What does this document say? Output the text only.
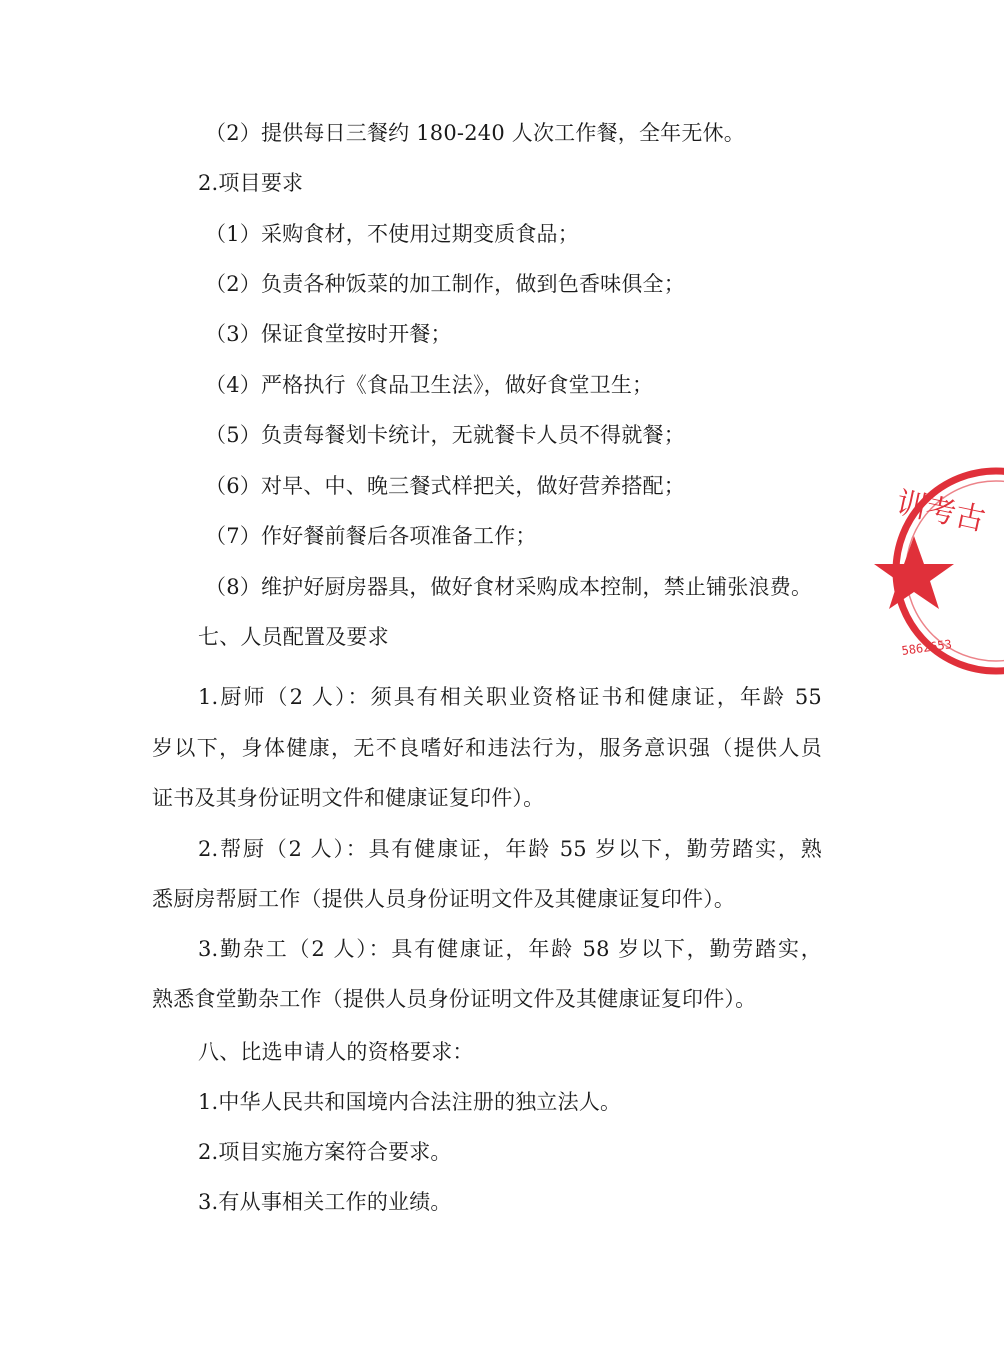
（2）提供每日三餐约 180-240 人次工作餐，全年无休。
2.项目要求
（1）采购食材，不使用过期变质食品；
（2）负责各种饭菜的加工制作，做到色香味俱全；
（3）保证食堂按时开餐；
（4）严格执行《食品卫生法》，做好食堂卫生；
（5）负责每餐划卡统计，无就餐卡人员不得就餐；
（6）对早、中、晚三餐式样把关，做好营养搭配；
（7）作好餐前餐后各项准备工作；
（8）维护好厨房器具，做好食材采购成本控制，禁止铺张浪费。
七、人员配置及要求
1.厨师（2 人）：须具有相关职业资格证书和健康证，年龄 55
岁以下，身体健康，无不良嗜好和违法行为，服务意识强（提供人员
证书及其身份证明文件和健康证复印件）。
2.帮厨（2 人）：具有健康证，年龄 55 岁以下，勤劳踏实，熟
悉厨房帮厨工作（提供人员身份证明文件及其健康证复印件）。
3.勤杂工（2 人）：具有健康证，年龄 58 岁以下，勤劳踏实，
熟悉食堂勤杂工作（提供人员身份证明文件及其健康证复印件）。
八、比选申请人的资格要求：
1.中华人民共和国境内合法注册的独立法人。
2.项目实施方案符合要求。
3.有从事相关工作的业绩。
训考古
5862653
